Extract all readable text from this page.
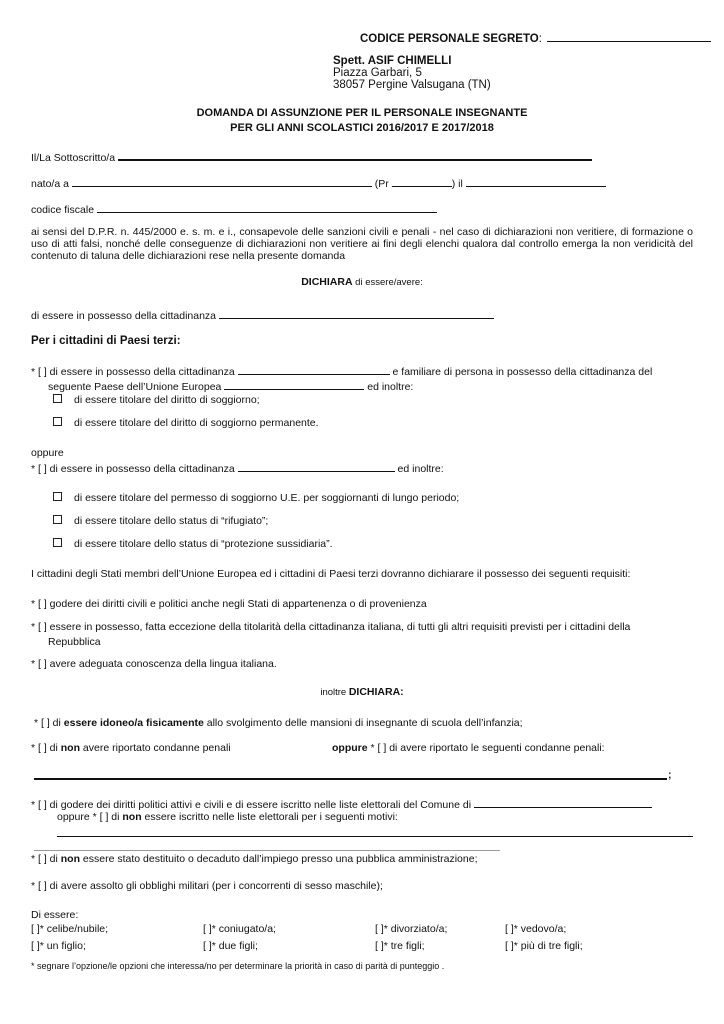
CODICE PERSONALE SEGRETO:
Spett. ASIF CHIMELLI
Piazza Garbari, 5
38057 Pergine Valsugana (TN)
DOMANDA DI ASSUNZIONE PER IL PERSONALE INSEGNANTE
PER GLI ANNI SCOLASTICI 2016/2017 E 2017/2018
Il/La Sottoscritto/a
nato/a a	(Pr	) il
codice fiscale
ai sensi del D.P.R. n. 445/2000 e. s. m. e i., consapevole delle sanzioni civili e penali - nel caso di dichiarazioni non veritiere, di formazione o uso di atti falsi, nonché delle conseguenze di dichiarazioni non veritiere ai fini degli elenchi qualora dal controllo emerga la non veridicità del contenuto di taluna delle dichiarazioni rese nella presente domanda
DICHIARA di essere/avere:
di essere in possesso della cittadinanza
Per i cittadini di Paesi terzi:
* [ ] di essere in possesso della cittadinanza	e familiare di persona in possesso della cittadinanza del
seguente Paese dell’Unione Europea	ed inoltre:
di essere titolare del diritto di soggiorno;
di essere titolare del diritto di soggiorno permanente.
oppure
* [ ] di essere in possesso della cittadinanza	ed inoltre:
di essere titolare del permesso di soggiorno U.E. per soggiornanti di lungo periodo;
di essere titolare dello status di “rifugiato”;
di essere titolare dello status di “protezione sussidiaria”.
I cittadini degli Stati membri dell’Unione Europea ed i cittadini di Paesi terzi dovranno dichiarare il possesso dei seguenti requisiti:
* [ ] godere dei diritti civili e politici anche negli Stati di appartenenza o di provenienza
* [ ] essere in possesso, fatta eccezione della titolarità della cittadinanza italiana, di tutti gli altri requisiti previsti per i cittadini della
Repubblica
* [ ] avere adeguata conoscenza della lingua italiana.
inoltre DICHIARA:
* [ ] di essere idoneo/a fisicamente allo svolgimento delle mansioni di insegnante di scuola dell’infanzia;
* [ ] di non avere riportato condanne penali	oppure * [ ] di avere riportato le seguenti condanne penali:
;
* [ ] di godere dei diritti politici attivi e civili e di essere iscritto nelle liste elettorali del Comune di
oppure * [ ] di non essere iscritto nelle liste elettorali per i seguenti motivi:
* [ ] di non essere stato destituito o decaduto dall’impiego presso una pubblica amministrazione;
* [ ] di avere assolto gli obblighi militari (per i concorrenti di sesso maschile);
Di essere:
[ ]* celibe/nubile;	[ ]* coniugato/a;	[ ]* divorziato/a;	[ ]* vedovo/a;
[ ]* un figlio;	[ ]* due figli;	[ ]* tre figli;	[ ]* più di tre figli;
* segnare l’opzione/le opzioni che interessa/no per determinare la priorità in caso di parità di punteggio .
